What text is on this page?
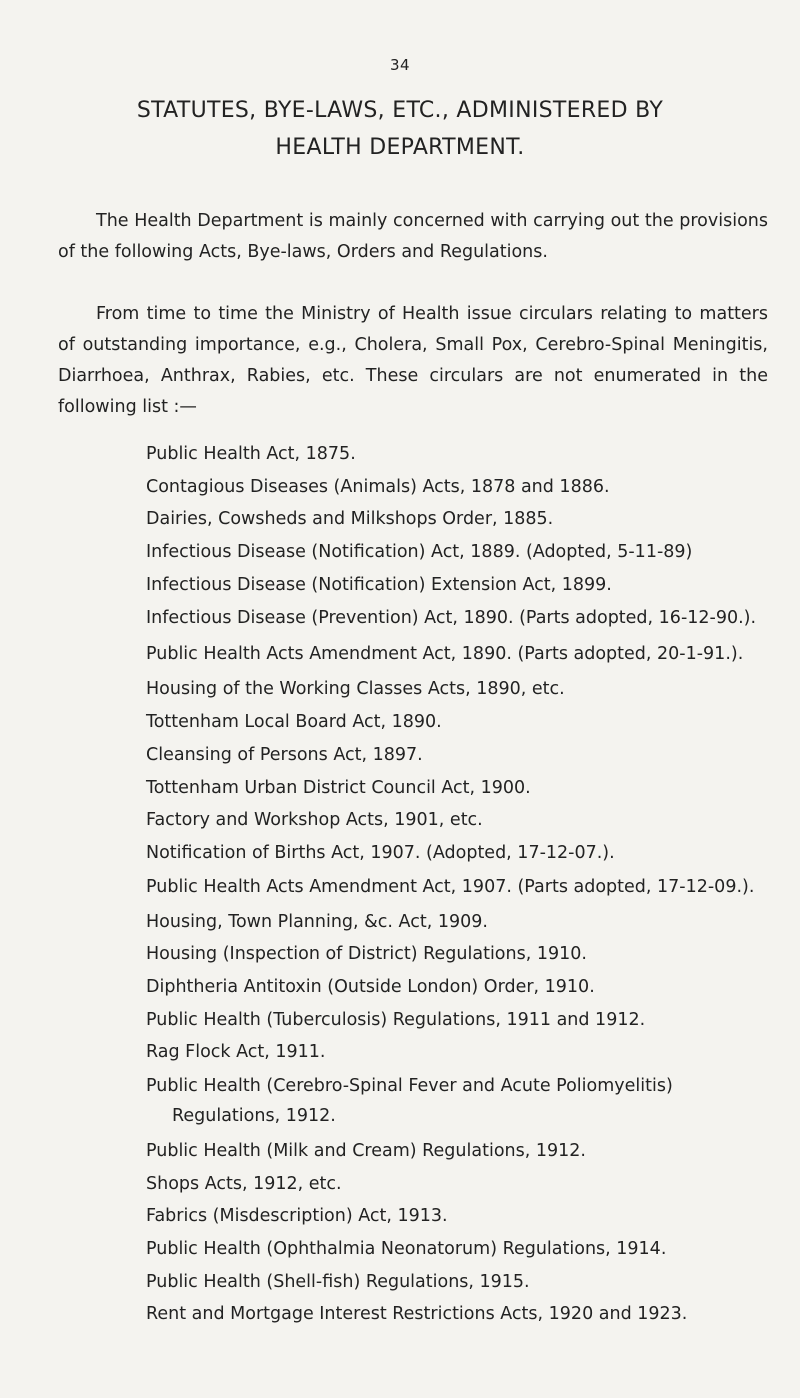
34
STATUTES, BYE-LAWS, ETC., ADMINISTERED BY
HEALTH DEPARTMENT.

The Health Department is mainly concerned with carrying out the provisions of the following Acts, Bye-laws, Orders and Regulations.

From time to time the Ministry of Health issue circulars relating to matters of outstanding importance, e.g., Cholera, Small Pox, Cerebro-Spinal Meningitis, Diarrhoea, Anthrax, Rabies, etc. These circulars are not enumerated in the following list :—

Public Health Act, 1875.
Contagious Diseases (Animals) Acts, 1878 and 1886.
Dairies, Cowsheds and Milkshops Order, 1885.
Infectious Disease (Notification) Act, 1889. (Adopted, 5-11-89)
Infectious Disease (Notification) Extension Act, 1899.
Infectious Disease (Prevention) Act, 1890. (Parts adopted, 16-12-90.).
Public Health Acts Amendment Act, 1890. (Parts adopted, 20-1-91.).
Housing of the Working Classes Acts, 1890, etc.
Tottenham Local Board Act, 1890.
Cleansing of Persons Act, 1897.
Tottenham Urban District Council Act, 1900.
Factory and Workshop Acts, 1901, etc.
Notification of Births Act, 1907. (Adopted, 17-12-07.).
Public Health Acts Amendment Act, 1907. (Parts adopted, 17-12-09.).
Housing, Town Planning, &c. Act, 1909.
Housing (Inspection of District) Regulations, 1910.
Diphtheria Antitoxin (Outside London) Order, 1910.
Public Health (Tuberculosis) Regulations, 1911 and 1912.
Rag Flock Act, 1911.
Public Health (Cerebro-Spinal Fever and Acute Poliomyelitis) Regulations, 1912.
Public Health (Milk and Cream) Regulations, 1912.
Shops Acts, 1912, etc.
Fabrics (Misdescription) Act, 1913.
Public Health (Ophthalmia Neonatorum) Regulations, 1914.
Public Health (Shell-fish) Regulations, 1915.
Rent and Mortgage Interest Restrictions Acts, 1920 and 1923.
